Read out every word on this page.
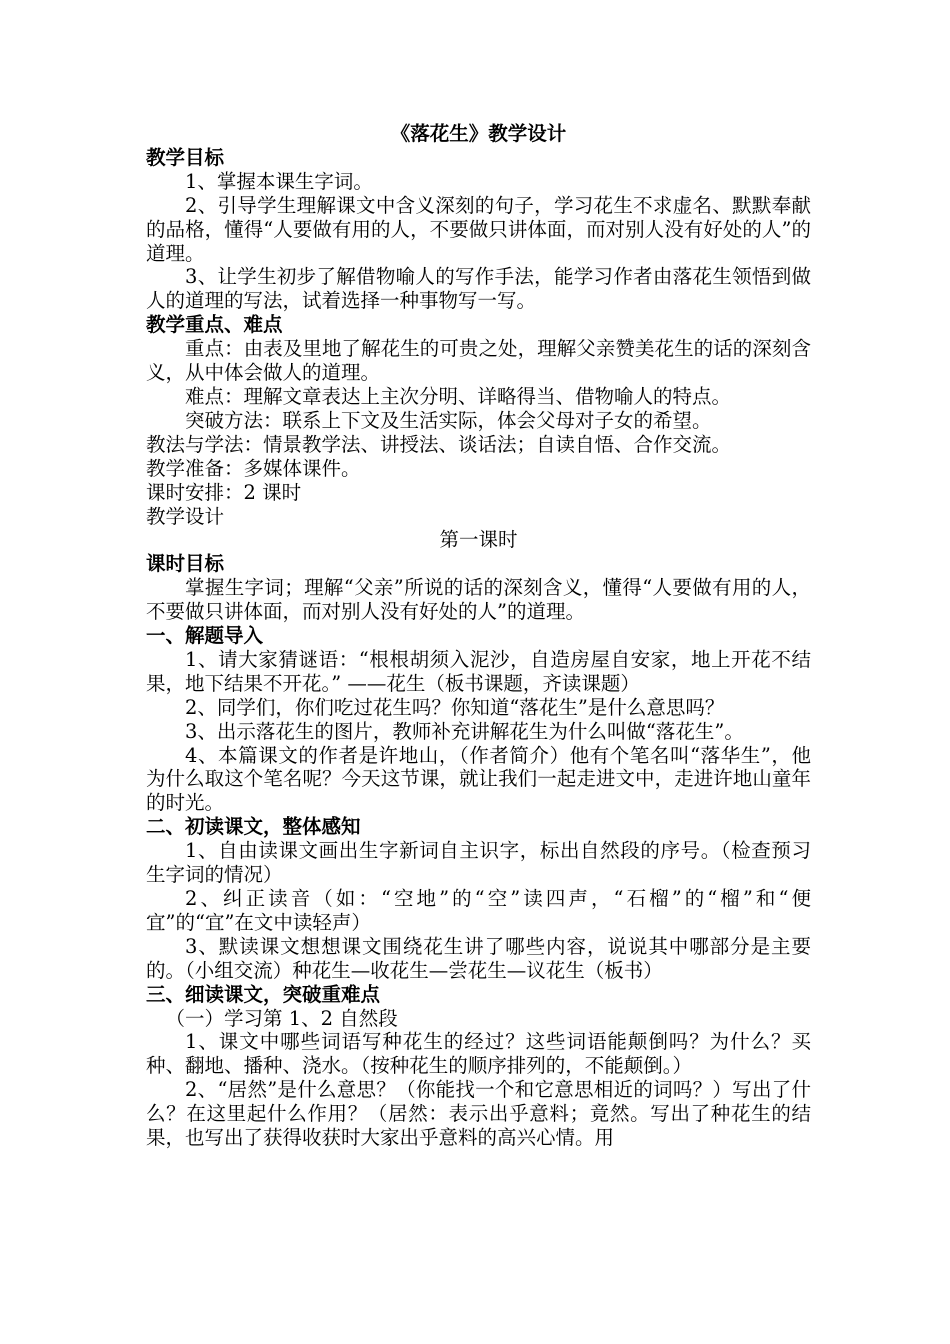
《落花生》教学设计

教学目标

1、掌握本课生字词。

2、引导学生理解课文中含义深刻的句子，学习花生不求虚名、默默奉献的品格，懂得“人要做有用的人，不要做只讲体面，而对别人没有好处的人”的道理。

3、让学生初步了解借物喻人的写作手法，能学习作者由落花生领悟到做人的道理的写法，试着选择一种事物写一写。

教学重点、难点

重点：由表及里地了解花生的可贵之处，理解父亲赞美花生的话的深刻含义，从中体会做人的道理。

难点：理解文章表达上主次分明、详略得当、借物喻人的特点。

突破方法：联系上下文及生活实际，体会父母对子女的希望。

教法与学法：情景教学法、讲授法、谈话法；自读自悟、合作交流。

教学准备：多媒体课件。

课时安排：2 课时

教学设计

第一课时

课时目标

掌握生字词；理解“父亲”所说的话的深刻含义，懂得“人要做有用的人，不要做只讲体面，而对别人没有好处的人”的道理。

一、解题导入

1、请大家猜谜语：“根根胡须入泥沙，自造房屋自安家，地上开花不结果，地下结果不开花。” ——花生（板书课题，齐读课题）

2、同学们，你们吃过花生吗？你知道“落花生”是什么意思吗？

3、出示落花生的图片，教师补充讲解花生为什么叫做“落花生”。

4、本篇课文的作者是许地山，（作者简介）他有个笔名叫“落华生”，他为什么取这个笔名呢？今天这节课，就让我们一起走进文中，走进许地山童年的时光。

二、初读课文，整体感知

1、自由读课文画出生字新词自主识字，标出自然段的序号。（检查预习生字词的情况）

2、纠正读音（如：“空地”的“空”读四声，“石榴”的“榴”和“便宜”的“宜”在文中读轻声）

3、默读课文想想课文围绕花生讲了哪些内容，说说其中哪部分是主要的。（小组交流）种花生—收花生—尝花生—议花生（板书）

三、细读课文，突破重难点

（一）学习第 1、2 自然段

1、课文中哪些词语写种花生的经过？这些词语能颠倒吗？为什么？买种、翻地、播种、浇水。（按种花生的顺序排列的，不能颠倒。）

2、“居然”是什么意思？（你能找一个和它意思相近的词吗？）写出了什么？在这里起什么作用？（居然：表示出乎意料；竟然。写出了种花生的结果，也写出了获得收获时大家出乎意料的高兴心情。用
